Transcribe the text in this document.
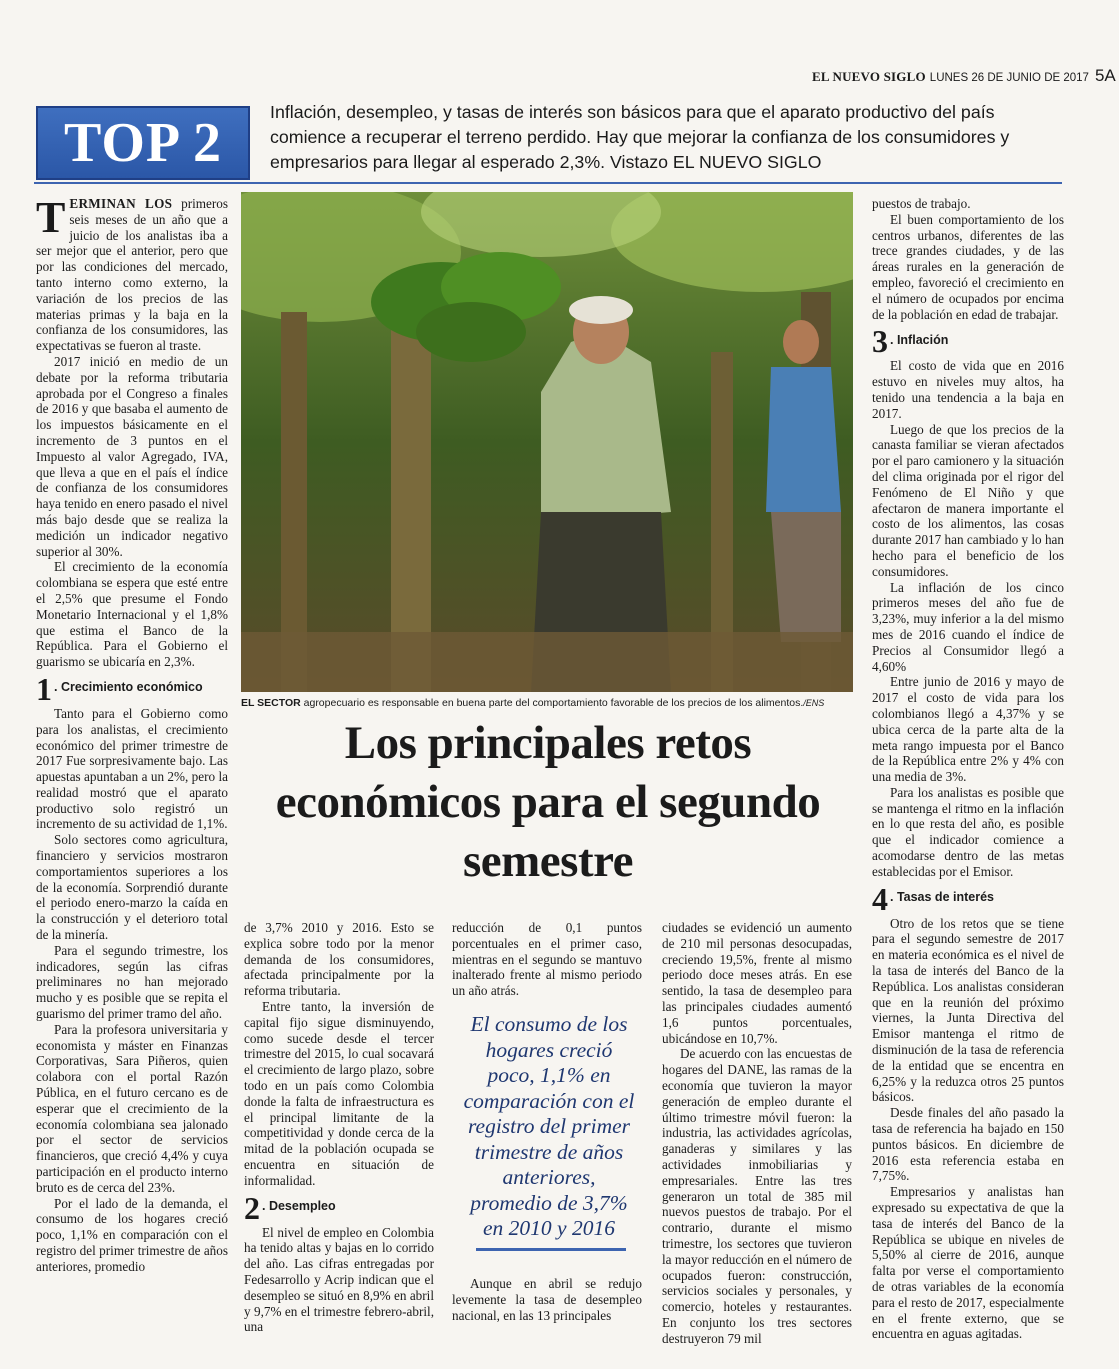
EL NUEVO SIGLO LUNES 26 DE JUNIO DE 2017 5A
TOP 2	Inflación, desempleo, y tasas de interés son básicos para que el aparato productivo del país comience a recuperar el terreno perdido. Hay que mejorar la confianza de los consumidores y empresarios para llegar al esperado 2,3%. Vistazo EL NUEVO SIGLO

TERMINAN LOS primeros seis meses de un año que a juicio de los analistas iba a ser mejor que el anterior, pero que por las condiciones del mercado, tanto interno como externo, la variación de los precios de las materias primas y la baja en la confianza de los consumidores, las expectativas se fueron al traste.

2017 inició en medio de un debate por la reforma tributaria aprobada por el Congreso a finales de 2016 y que basaba el aumento de los impuestos básicamente en el incremento de 3 puntos en el Impuesto al valor Agregado, IVA, que lleva a que en el país el índice de confianza de los consumidores haya tenido en enero pasado el nivel más bajo desde que se realiza la medición un indicador negativo superior al 30%.

El crecimiento de la economía colombiana se espera que esté entre el 2,5% que presume el Fondo Monetario Internacional y el 1,8% que estima el Banco de la República. Para el Gobierno el guarismo se ubicaría en 2,3%.

1 . Crecimiento económico

Tanto para el Gobierno como para los analistas, el crecimiento económico del primer trimestre de 2017 Fue sorpresivamente bajo. Las apuestas apuntaban a un 2%, pero la realidad mostró que el aparato productivo solo registró un incremento de su actividad de 1,1%.

Solo sectores como agricultura, financiero y servicios mostraron comportamientos superiores a los de la economía. Sorprendió durante el periodo enero-marzo la caída en la construcción y el deterioro total de la minería.

Para el segundo trimestre, los indicadores, según las cifras preliminares no han mejorado mucho y es posible que se repita el guarismo del primer tramo del año.

Para la profesora universitaria y economista y máster en Finanzas Corporativas, Sara Piñeros, quien colabora con el portal Razón Pública, en el futuro cercano es de esperar que el crecimiento de la economía colombiana sea jalonado por el sector de servicios financieros, que creció 4,4% y cuya participación en el producto interno bruto es de cerca del 23%.

Por el lado de la demanda, el consumo de los hogares creció poco, 1,1% en comparación con el registro del primer trimestre de años anteriores, promedio

EL SECTOR agropecuario es responsable en buena parte del comportamiento favorable de los precios de los alimentos./ENS
Los principales retos económicos para el segundo semestre

de 3,7% 2010 y 2016. Esto se explica sobre todo por la menor demanda de los consumidores, afectada principalmente por la reforma tributaria.

Entre tanto, la inversión de capital fijo sigue disminuyendo, como sucede desde el tercer trimestre del 2015, lo cual socavará el crecimiento de largo plazo, sobre todo en un país como Colombia donde la falta de infraestructura es el principal limitante de la competitividad y donde cerca de la mitad de la población ocupada se encuentra en situación de informalidad.

2 . Desempleo

El nivel de empleo en Colombia ha tenido altas y bajas en lo corrido del año. Las cifras entregadas por Fedesarrollo y Acrip indican que el desempleo se situó en 8,9% en abril y 9,7% en el trimestre febrero-abril, una

reducción de 0,1 puntos porcentuales en el primer caso, mientras en el segundo se mantuvo inalterado frente al mismo periodo un año atrás.

El consumo de los hogares creció poco, 1,1% en comparación con el registro del primer trimestre de años anteriores, promedio de 3,7% en 2010 y 2016

Aunque en abril se redujo levemente la tasa de desempleo nacional, en las 13 principales

ciudades se evidenció un aumento de 210 mil personas desocupadas, creciendo 19,5%, frente al mismo periodo doce meses atrás. En ese sentido, la tasa de desempleo para las principales ciudades aumentó 1,6 puntos porcentuales, ubicándose en 10,7%.

De acuerdo con las encuestas de hogares del DANE, las ramas de la economía que tuvieron la mayor generación de empleo durante el último trimestre móvil fueron: la industria, las actividades agrícolas, ganaderas y similares y las actividades inmobiliarias y empresariales. Entre las tres generaron un total de 385 mil nuevos puestos de trabajo. Por el contrario, durante el mismo trimestre, los sectores que tuvieron la mayor reducción en el número de ocupados fueron: construcción, servicios sociales y personales, y comercio, hoteles y restaurantes. En conjunto los tres sectores destruyeron 79 mil

puestos de trabajo.

El buen comportamiento de los centros urbanos, diferentes de las trece grandes ciudades, y de las áreas rurales en la generación de empleo, favoreció el crecimiento en el número de ocupados por encima de la población en edad de trabajar.

3 . Inflación

El costo de vida que en 2016 estuvo en niveles muy altos, ha tenido una tendencia a la baja en 2017.

Luego de que los precios de la canasta familiar se vieran afectados por el paro camionero y la situación del clima originada por el rigor del Fenómeno de El Niño y que afectaron de manera importante el costo de los alimentos, las cosas durante 2017 han cambiado y lo han hecho para el beneficio de los consumidores.

La inflación de los cinco primeros meses del año fue de 3,23%, muy inferior a la del mismo mes de 2016 cuando el índice de Precios al Consumidor llegó a 4,60%

Entre junio de 2016 y mayo de 2017 el costo de vida para los colombianos llegó a 4,37% y se ubica cerca de la parte alta de la meta rango impuesta por el Banco de la República entre 2% y 4% con una media de 3%.

Para los analistas es posible que se mantenga el ritmo en la inflación en lo que resta del año, es posible que el indicador comience a acomodarse dentro de las metas establecidas por el Emisor.

4 . Tasas de interés

Otro de los retos que se tiene para el segundo semestre de 2017 en materia económica es el nivel de la tasa de interés del Banco de la República. Los analistas consideran que en la reunión del próximo viernes, la Junta Directiva del Emisor mantenga el ritmo de disminución de la tasa de referencia de la entidad que se encentra en 6,25% y la reduzca otros 25 puntos básicos.

Desde finales del año pasado la tasa de referencia ha bajado en 150 puntos básicos. En diciembre de 2016 esta referencia estaba en 7,75%.

Empresarios y analistas han expresado su expectativa de que la tasa de interés del Banco de la República se ubique en niveles de 5,50% al cierre de 2016, aunque falta por verse el comportamiento de otras variables de la economía para el resto de 2017, especialmente en el frente externo, que se encuentra en aguas agitadas.
